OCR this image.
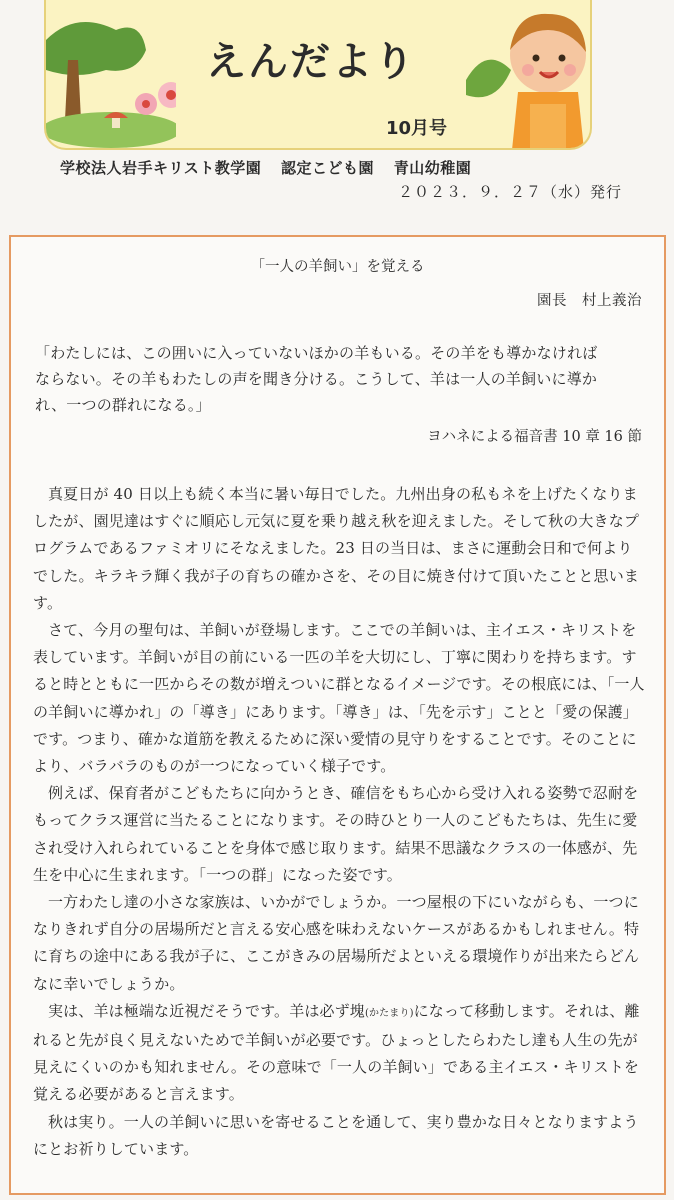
えんだより
10月号
学校法人岩手キリスト教学園 認定こども園 青山幼稚園
２０２３．９．２７（水）発行
「一人の羊飼い」を覚える
園長　村上義治
「わたしには、この囲いに入っていないほかの羊もいる。その羊をも導かなければ
ならない。その羊もわたしの声を聞き分ける。こうして、羊は一人の羊飼いに導か
れ、一つの群れになる。」
ヨハネによる福音書 10 章 16 節

真夏日が 40 日以上も続く本当に暑い毎日でした。九州出身の私もネを上げたくなりましたが、園児達はすぐに順応し元気に夏を乗り越え秋を迎えました。そして秋の大きなプログラムであるファミオリにそなえました。23 日の当日は、まさに運動会日和で何よりでした。キラキラ輝く我が子の育ちの確かさを、その目に焼き付けて頂いたことと思います。

さて、今月の聖句は、羊飼いが登場します。ここでの羊飼いは、主イエス・キリストを表しています。羊飼いが目の前にいる一匹の羊を大切にし、丁寧に関わりを持ちます。すると時とともに一匹からその数が増えついに群となるイメージです。その根底には、「一人の羊飼いに導かれ」の「導き」にあります。「導き」は、「先を示す」ことと「愛の保護」です。つまり、確かな道筋を教えるために深い愛情の見守りをすることです。そのことにより、バラバラのものが一つになっていく様子です。

例えば、保育者がこどもたちに向かうとき、確信をもち心から受け入れる姿勢で忍耐をもってクラス運営に当たることになります。その時ひとり一人のこどもたちは、先生に愛され受け入れられていることを身体で感じ取ります。結果不思議なクラスの一体感が、先生を中心に生まれます。「一つの群」になった姿です。

一方わたし達の小さな家族は、いかがでしょうか。一つ屋根の下にいながらも、一つになりきれず自分の居場所だと言える安心感を味わえないケースがあるかもしれません。特に育ちの途中にある我が子に、ここがきみの居場所だよといえる環境作りが出来たらどんなに幸いでしょうか。

実は、羊は極端な近視だそうです。羊は必ず塊(かたまり)になって移動します。それは、離れると先が良く見えないためで羊飼いが必要です。ひょっとしたらわたし達も人生の先が見えにくいのかも知れません。その意味で「一人の羊飼い」である主イエス・キリストを覚える必要があると言えます。

秋は実り。一人の羊飼いに思いを寄せることを通して、実り豊かな日々となりますようにとお祈りしています。
